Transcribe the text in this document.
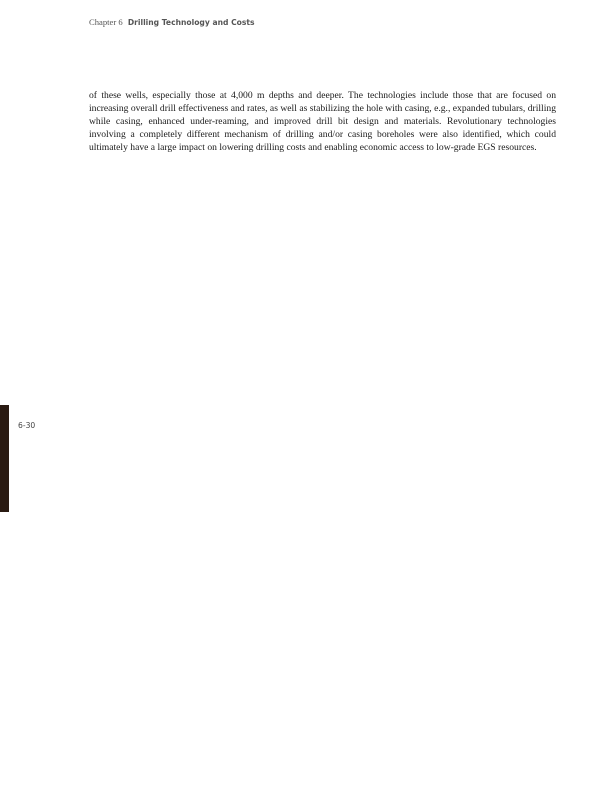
Chapter 6 Drilling Technology and Costs

of these wells, especially those at 4,000 m depths and deeper. The technologies include those that are focused on increasing overall drill effectiveness and rates, as well as stabilizing the hole with casing, e.g., expanded tubulars, drilling while casing, enhanced under-reaming, and improved drill bit design and materials. Revolutionary technologies involving a completely different mechanism of drilling and/or casing boreholes were also identified, which could ultimately have a large impact on lowering drilling costs and enabling economic access to low-grade EGS resources.

6-30
